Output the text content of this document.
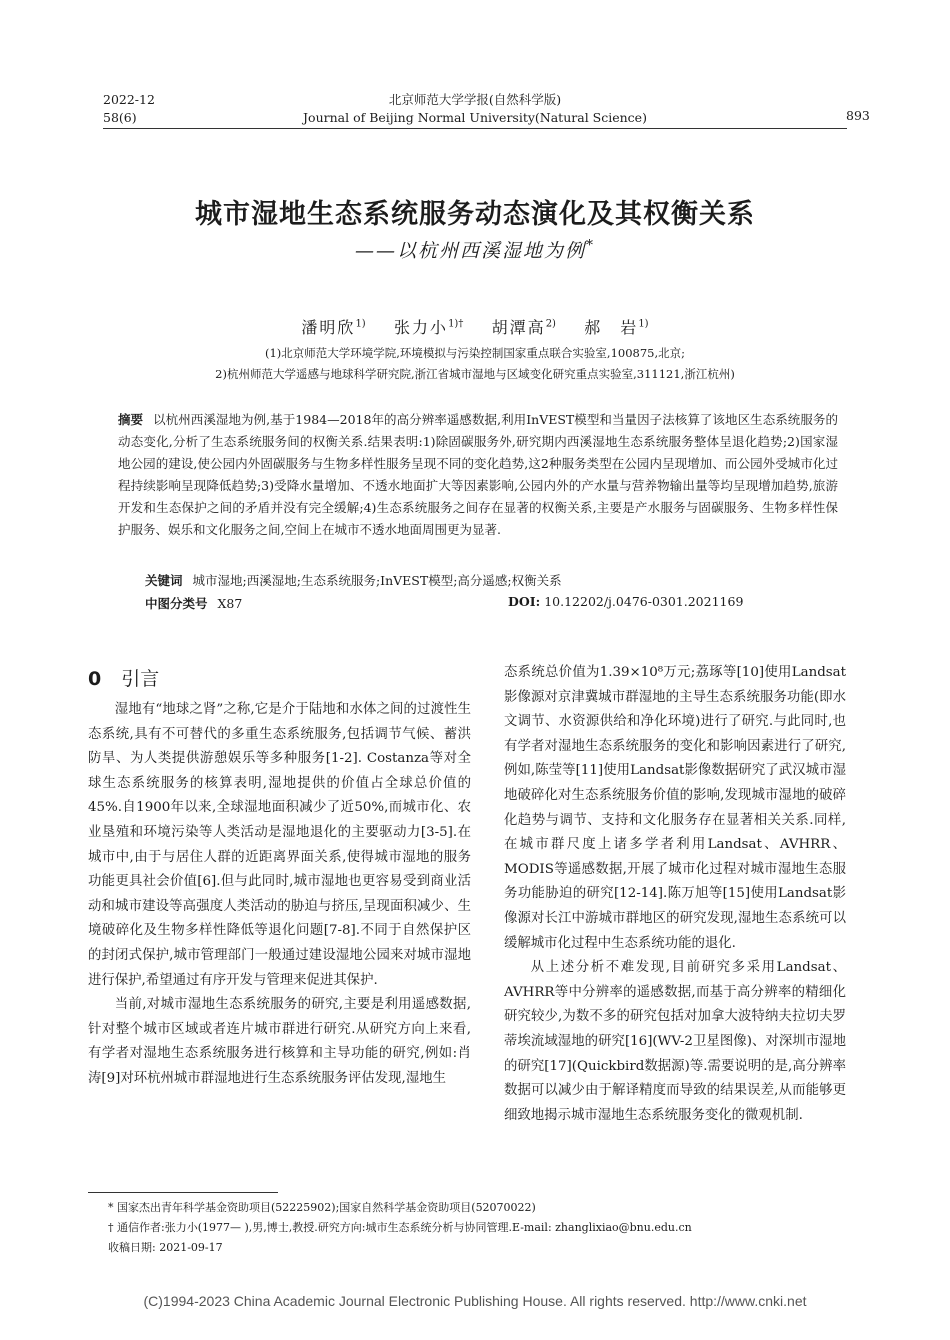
2022-12
58(6)
北京师范大学学报(自然科学版)
Journal of Beijing Normal University(Natural Science)	893
城市湿地生态系统服务动态演化及其权衡关系
——以杭州西溪湿地为例*
潘明欣$^{1)}$ 张力小$^{1)\dagger}$ 胡潭高$^{2)}$ 郝　岩$^{1)}$
(1)北京师范大学环境学院,环境模拟与污染控制国家重点联合实验室,100875,北京;
2)杭州师范大学遥感与地球科学研究院,浙江省城市湿地与区域变化研究重点实验室,311121,浙江杭州)
摘要 以杭州西溪湿地为例,基于1984—2018年的高分辨率遥感数据,利用InVEST模型和当量因子法核算了该地区生态系统服务的动态变化,分析了生态系统服务间的权衡关系.结果表明:1)除固碳服务外,研究期内西溪湿地生态系统服务整体呈退化趋势;2)国家湿地公园的建设,使公园内外固碳服务与生物多样性服务呈现不同的变化趋势,这2种服务类型在公园内呈现增加、而公园外受城市化过程持续影响呈现降低趋势;3)受降水量增加、不透水地面扩大等因素影响,公园内外的产水量与营养物输出量等均呈现增加趋势,旅游开发和生态保护之间的矛盾并没有完全缓解;4)生态系统服务之间存在显著的权衡关系,主要是产水服务与固碳服务、生物多样性保护服务、娱乐和文化服务之间,空间上在城市不透水地面周围更为显著.
关键词 城市湿地;西溪湿地;生态系统服务;InVEST模型;高分遥感;权衡关系
中图分类号 X87	DOI: 10.12202/j.0476-0301.2021169
0 引言

湿地有“地球之肾”之称,它是介于陆地和水体之间的过渡性生态系统,具有不可替代的多重生态系统服务,包括调节气候、蓄洪防旱、为人类提供游憩娱乐等多种服务[1-2]. Costanza等对全球生态系统服务的核算表明,湿地提供的价值占全球总价值的45%.自1900年以来,全球湿地面积减少了近50%,而城市化、农业垦殖和环境污染等人类活动是湿地退化的主要驱动力[3-5].在城市中,由于与居住人群的近距离界面关系,使得城市湿地的服务功能更具社会价值[6].但与此同时,城市湿地也更容易受到商业活动和城市建设等高强度人类活动的胁迫与挤压,呈现面积减少、生境破碎化及生物多样性降低等退化问题[7-8].不同于自然保护区的封闭式保护,城市管理部门一般通过建设湿地公园来对城市湿地进行保护,希望通过有序开发与管理来促进其保护.

当前,对城市湿地生态系统服务的研究,主要是利用遥感数据,针对整个城市区域或者连片城市群进行研究.从研究方向上来看,有学者对湿地生态系统服务进行核算和主导功能的研究,例如:肖涛[9]对环杭州城市群湿地进行生态系统服务评估发现,湿地生

态系统总价值为1.39×10⁸万元;荔琢等[10]使用Landsat影像源对京津冀城市群湿地的主导生态系统服务功能(即水文调节、水资源供给和净化环境)进行了研究.与此同时,也有学者对湿地生态系统服务的变化和影响因素进行了研究,例如,陈莹等[11]使用Landsat影像数据研究了武汉城市湿地破碎化对生态系统服务价值的影响,发现城市湿地的破碎化趋势与调节、支持和文化服务存在显著相关关系.同样,在城市群尺度上诸多学者利用Landsat、AVHRR、MODIS等遥感数据,开展了城市化过程对城市湿地生态服务功能胁迫的研究[12-14].陈万旭等[15]使用Landsat影像源对长江中游城市群地区的研究发现,湿地生态系统可以缓解城市化过程中生态系统功能的退化.

从上述分析不难发现,目前研究多采用Landsat、AVHRR等中分辨率的遥感数据,而基于高分辨率的精细化研究较少,为数不多的研究包括对加拿大波特纳夫拉切夫罗蒂埃流域湿地的研究[16](WV-2卫星图像)、对深圳市湿地的研究[17](Quickbird数据源)等.需要说明的是,高分辨率数据可以减少由于解译精度而导致的结果误差,从而能够更细致地揭示城市湿地生态系统服务变化的微观机制.

* 国家杰出青年科学基金资助项目(52225902);国家自然科学基金资助项目(52070022)
† 通信作者:张力小(1977— ),男,博士,教授.研究方向:城市生态系统分析与协同管理.E-mail: zhanglixiao@bnu.edu.cn
收稿日期: 2021-09-17
(C)1994-2023 China Academic Journal Electronic Publishing House. All rights reserved. http://www.cnki.net
